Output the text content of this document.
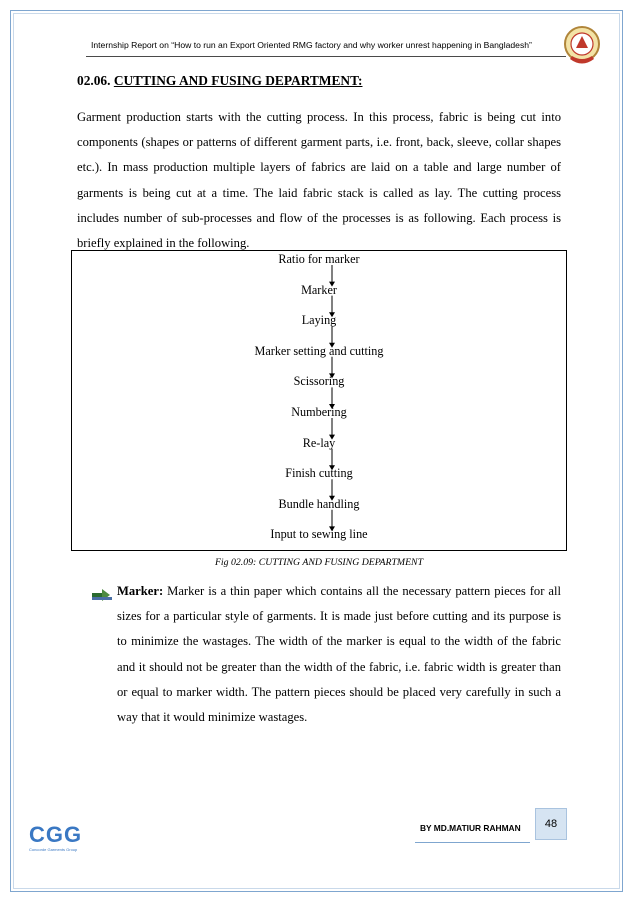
Internship Report on “How to run an Export Oriented RMG factory and why worker unrest happening in Bangladesh”
02.06. CUTTING AND FUSING DEPARTMENT:
Garment production starts with the cutting process. In this process, fabric is being cut into components (shapes or patterns of different garment parts, i.e. front, back, sleeve, collar shapes etc.). In mass production multiple layers of fabrics are laid on a table and large number of garments is being cut at a time. The laid fabric stack is called as lay. The cutting process includes number of sub-processes and flow of the processes is as following. Each process is briefly explained in the following.
Ratio for marker
Marker
Laying
Marker setting and cutting
Scissoring
Numbering
Re-lay
Finish cutting
Bundle handling
Input to sewing line
Fig 02.09: CUTTING AND FUSING DEPARTMENT
Marker: Marker is a thin paper which contains all the necessary pattern pieces for all sizes for a particular style of garments. It is made just before cutting and its purpose is to minimize the wastages. The width of the marker is equal to the width of the fabric and it should not be greater than the width of the fabric, i.e. fabric width is greater than or equal to marker width. The pattern pieces should be placed very carefully in such a way that it would minimize wastages.
CGG
Concorde Garments Group
BY MD.MATIUR RAHMAN	48
